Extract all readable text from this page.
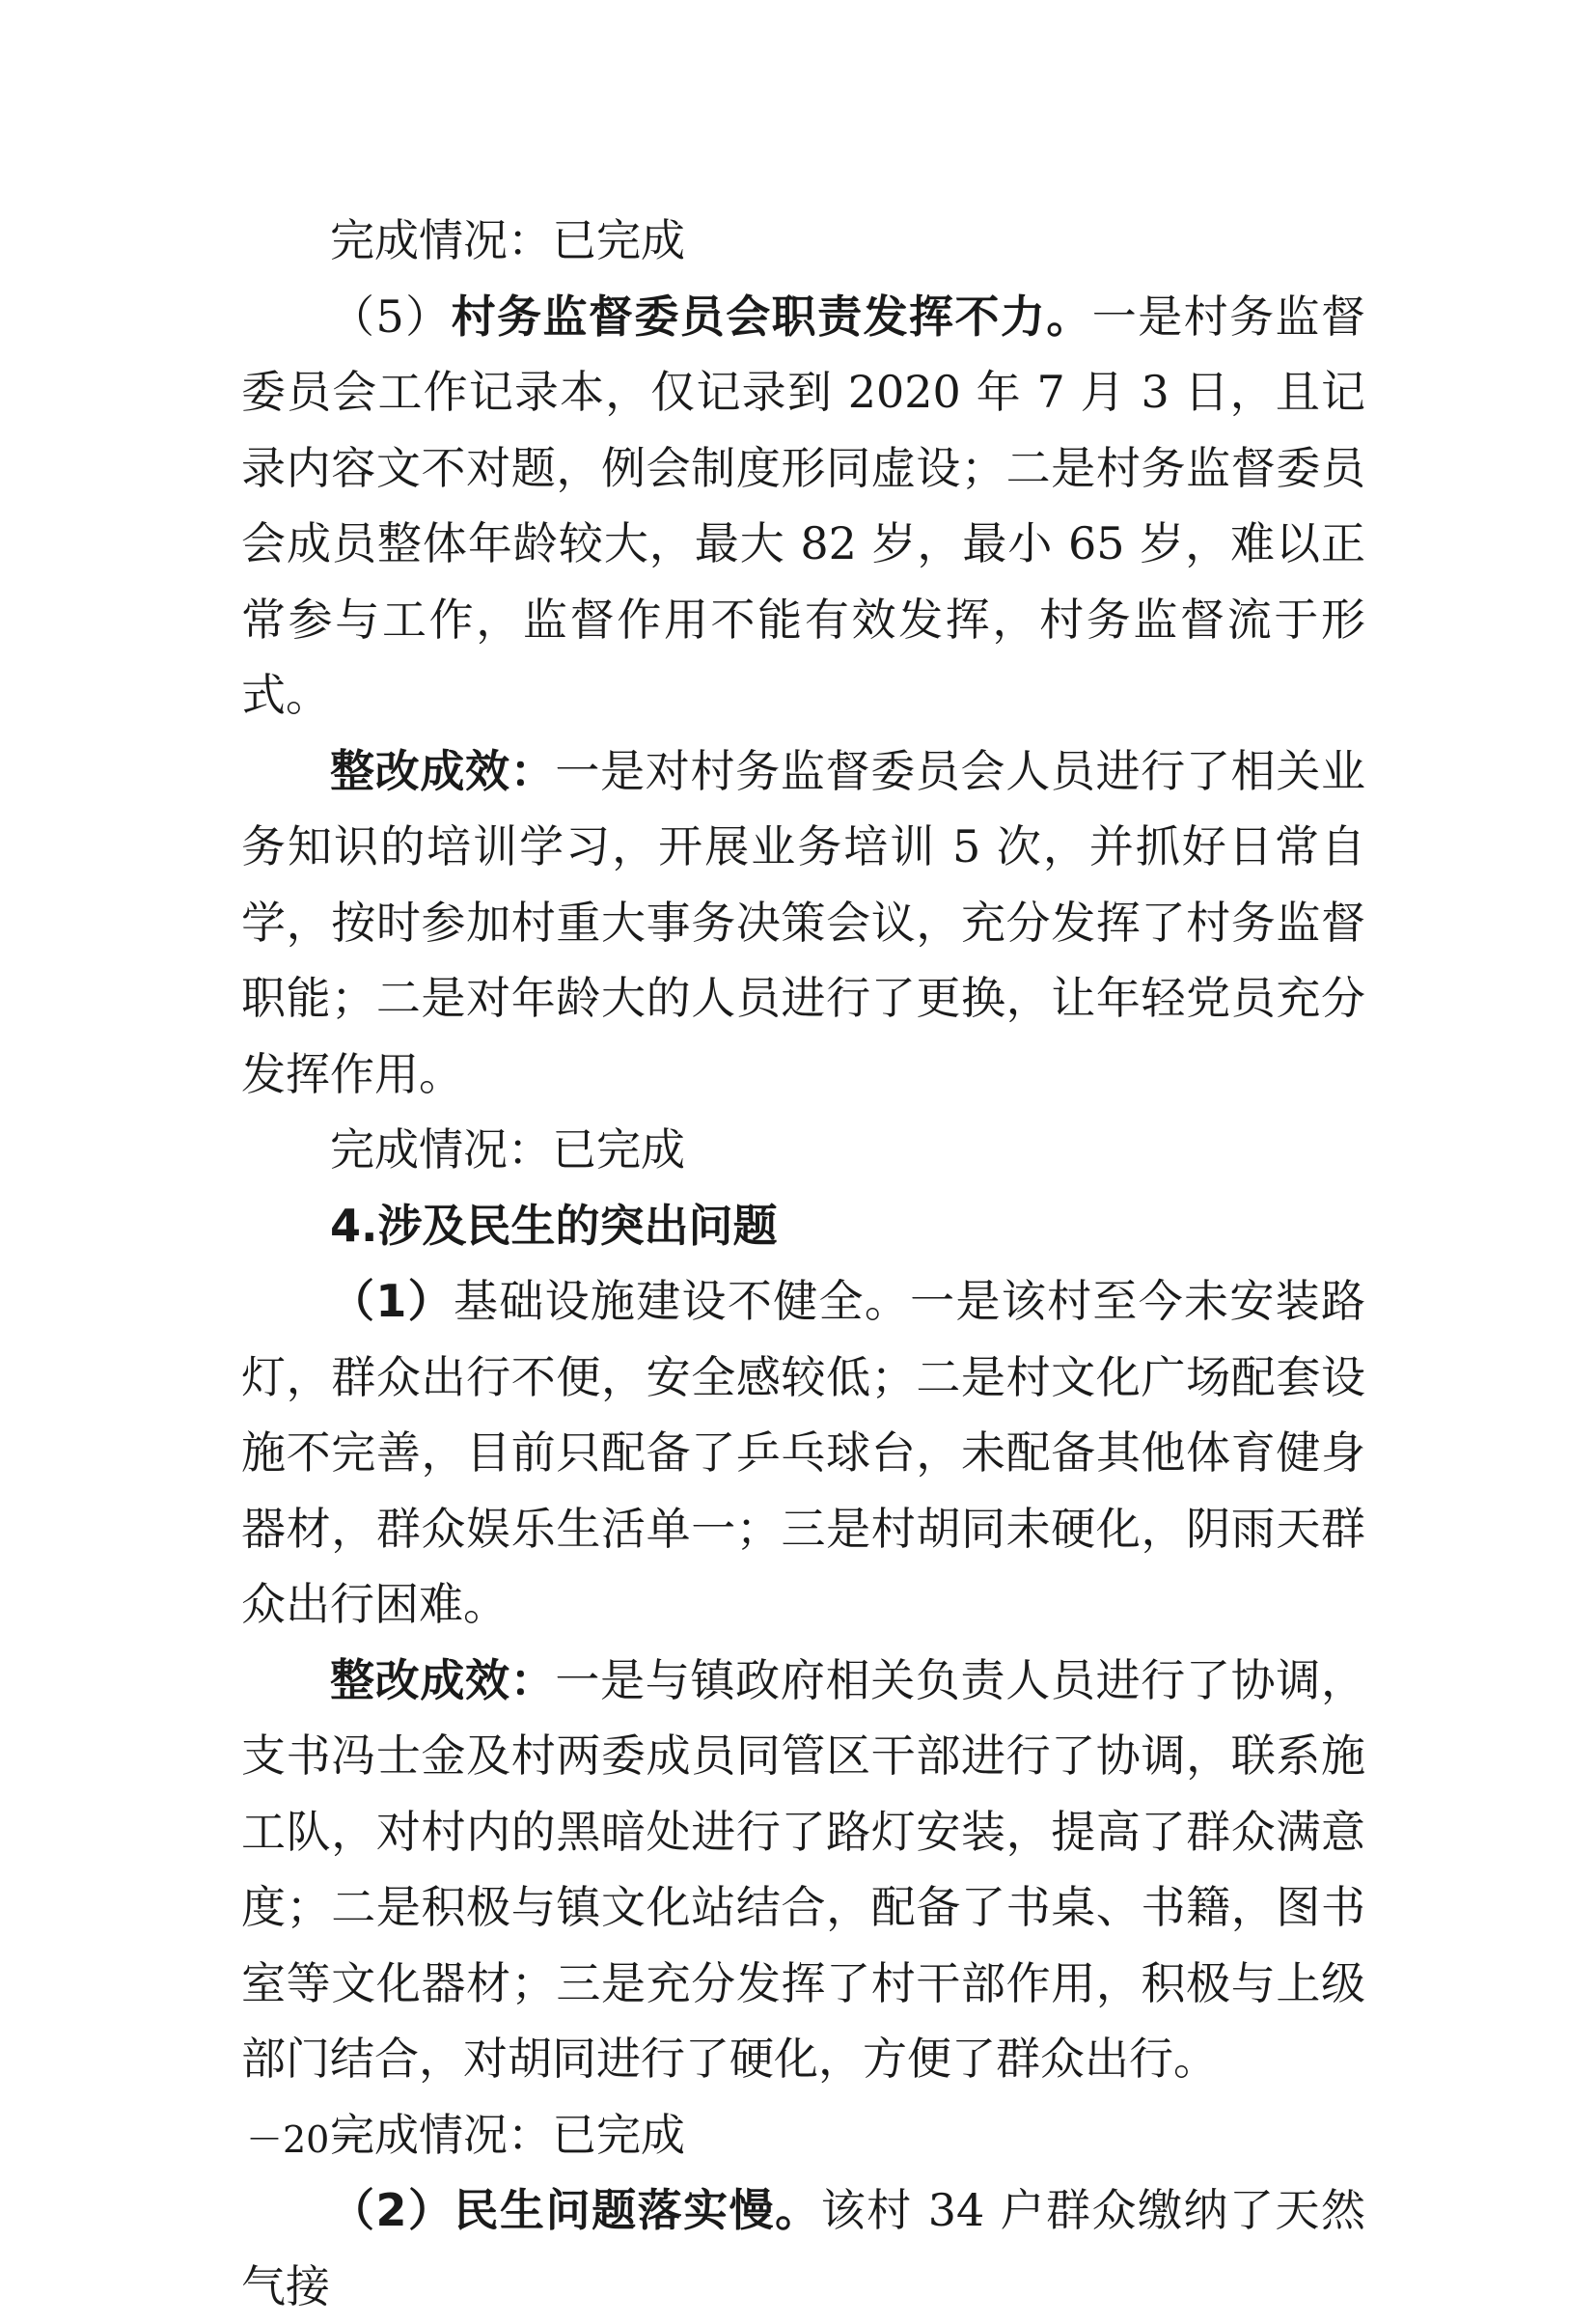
完成情况：已完成

（5）村务监督委员会职责发挥不力。一是村务监督委员会工作记录本，仅记录到 2020 年 7 月 3 日，且记录内容文不对题，例会制度形同虚设；二是村务监督委员会成员整体年龄较大，最大 82 岁，最小 65 岁，难以正常参与工作，监督作用不能有效发挥，村务监督流于形式。

整改成效：一是对村务监督委员会人员进行了相关业务知识的培训学习，开展业务培训 5 次，并抓好日常自学，按时参加村重大事务决策会议，充分发挥了村务监督职能；二是对年龄大的人员进行了更换，让年轻党员充分发挥作用。

完成情况：已完成

4.涉及民生的突出问题

（1）基础设施建设不健全。一是该村至今未安装路灯，群众出行不便，安全感较低；二是村文化广场配套设施不完善，目前只配备了乒乓球台，未配备其他体育健身器材，群众娱乐生活单一；三是村胡同未硬化，阴雨天群众出行困难。

整改成效：一是与镇政府相关负责人员进行了协调，支书冯士金及村两委成员同管区干部进行了协调，联系施工队，对村内的黑暗处进行了路灯安装，提高了群众满意度；二是积极与镇文化站结合，配备了书桌、书籍，图书室等文化器材；三是充分发挥了村干部作用，积极与上级部门结合，对胡同进行了硬化，方便了群众出行。

完成情况：已完成

（2）民生问题落实慢。该村 34 户群众缴纳了天然气接

－20－
